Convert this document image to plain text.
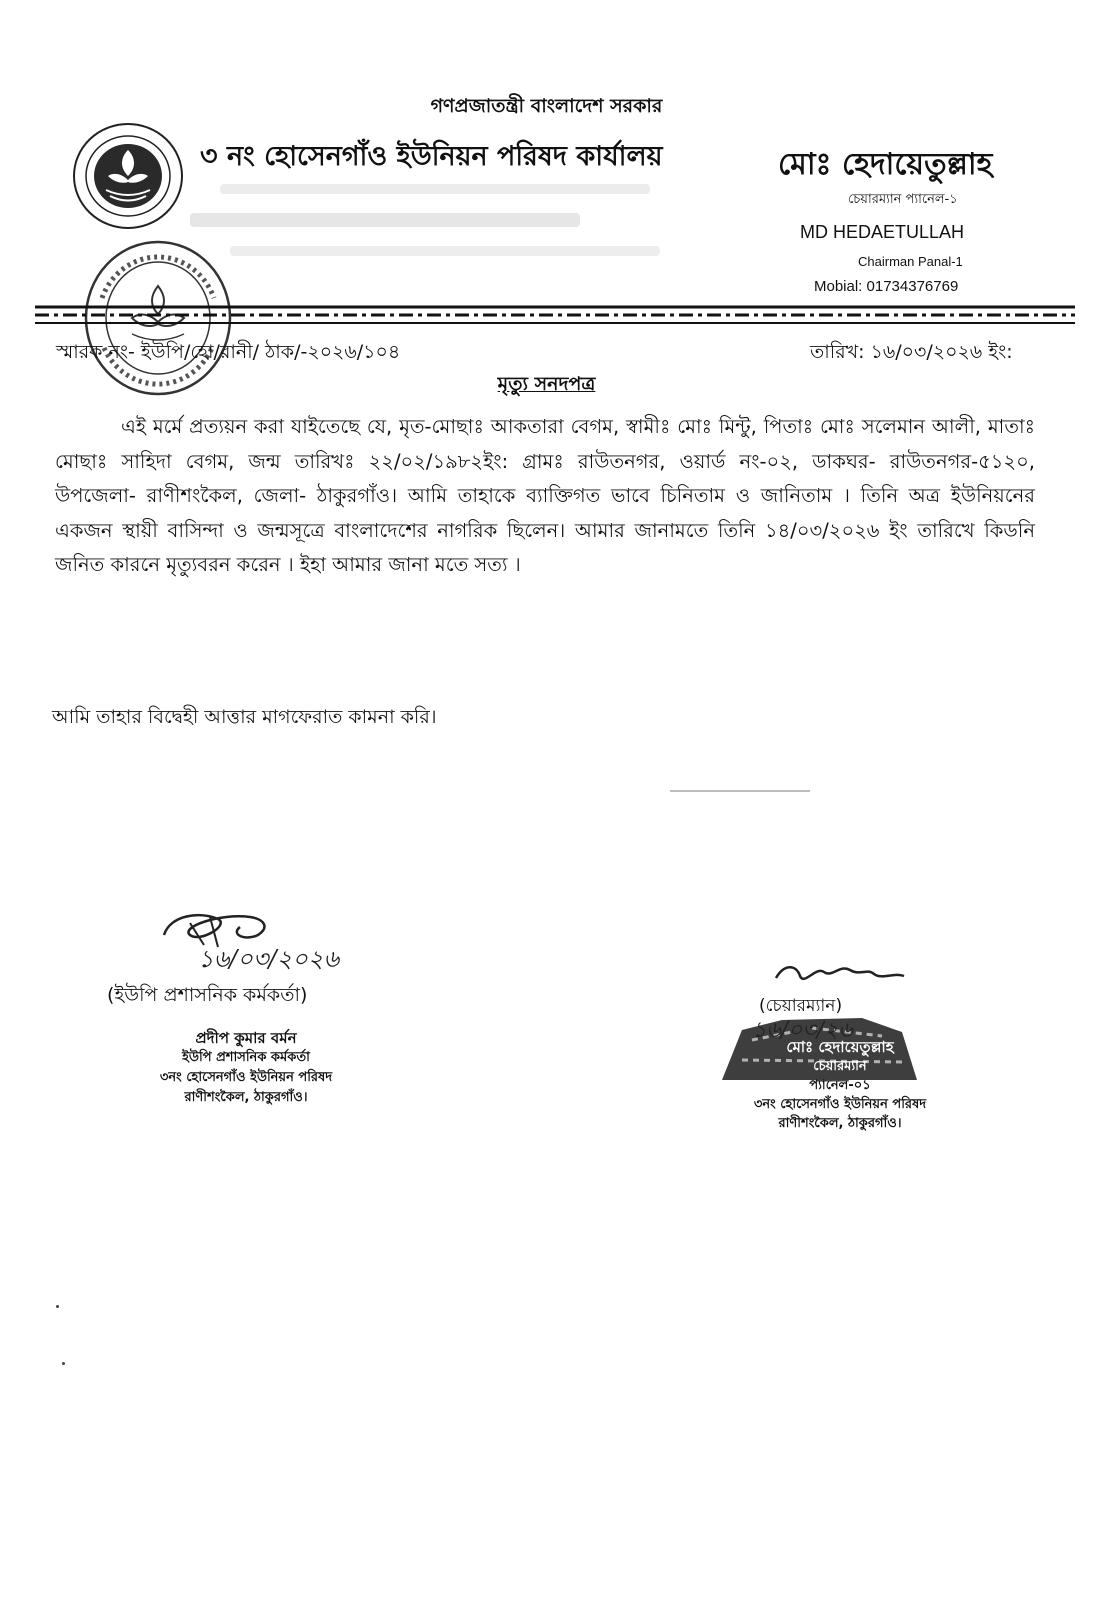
গণপ্রজাতন্ত্রী বাংলাদেশ সরকার
৩ নং হোসেনগাঁও ইউনিয়ন পরিষদ কার্যালয়	মোঃ হেদায়েতুল্লাহ
চেয়ারম্যান প্যানেল-১
MD HEDAETULLAH
Chairman Panal-1
Mobial: 01734376769
স্মারক নং- ইউপি/হো/রানী/ ঠাক/-২০২৬/১০৪	তারিখ: ১৬/০৩/২০২৬ ইং:
মৃত্যু সনদপত্র
এই মর্মে প্রত্যয়ন করা যাইতেছে যে, মৃত-মোছাঃ আকতারা বেগম, স্বামীঃ মোঃ মিন্টু, পিতাঃ মোঃ সলেমান আলী, মাতাঃ মোছাঃ সাহিদা বেগম, জন্ম তারিখঃ ২২/০২/১৯৮২ইং: গ্রামঃ রাউতনগর, ওয়ার্ড নং-০২, ডাকঘর- রাউতনগর-৫১২০, উপজেলা- রাণীশংকৈল, জেলা- ঠাকুরগাঁও। আমি তাহাকে ব্যাক্তিগত ভাবে চিনিতাম ও জানিতাম । তিনি অত্র ইউনিয়নের একজন স্থায়ী বাসিন্দা ও জন্মসূত্রে বাংলাদেশের নাগরিক ছিলেন। আমার জানামতে তিনি ১৪/০৩/২০২৬ ইং তারিখে কিডনি জনিত কারনে মৃত্যুবরন করেন । ইহা আমার জানা মতে সত্য ।
আমি তাহার বিদ্বেহী আত্তার মাগফেরাত কামনা করি।
১৬/০৩/২০২৬
(ইউপি প্রশাসনিক কর্মকর্তা)
প্রদীপ কুমার বর্মন
ইউপি প্রশাসনিক কর্মকর্তা
৩নং হোসেনগাঁও ইউনিয়ন পরিষদ
রাণীশংকৈল, ঠাকুরগাঁও।
(চেয়ারম্যান)
১৬/০৩/২৬
মোঃ হেদায়েতুল্লাহ
চেয়ারম্যান
প্যানেল-০১
৩নং হোসেনগাঁও ইউনিয়ন পরিষদ
রাণীশংকৈল, ঠাকুরগাঁও।
